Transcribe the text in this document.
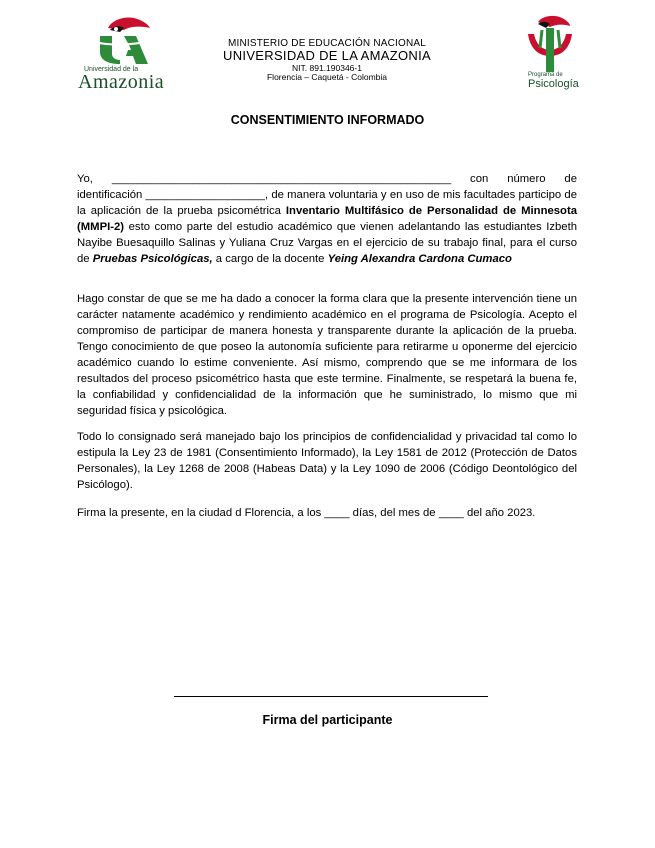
Universidad de la
Amazonia
MINISTERIO DE EDUCACIÓN NACIONAL
UNIVERSIDAD DE LA AMAZONIA
NIT. 891.190346-1
Florencia – Caquetá - Colombia	Programa de
Psicología
CONSENTIMIENTO INFORMADO

Yo, ______________________________________________________ con número de identificación ___________________, de manera voluntaria y en uso de mis facultades participo de la aplicación de la prueba psicométrica Inventario Multifásico de Personalidad de Minnesota (MMPI-2) esto como parte del estudio académico que vienen adelantando las estudiantes Izbeth Nayibe Buesaquillo Salinas y Yuliana Cruz Vargas en el ejercicio de su trabajo final, para el curso de Pruebas Psicológicas, a cargo de la docente Yeing Alexandra Cardona Cumaco

Hago constar de que se me ha dado a conocer la forma clara que la presente intervención tiene un carácter natamente académico y rendimiento académico en el programa de Psicología. Acepto el compromiso de participar de manera honesta y transparente durante la aplicación de la prueba. Tengo conocimiento de que poseo la autonomía suficiente para retirarme u oponerme del ejercicio académico cuando lo estime conveniente. Así mismo, comprendo que se me informara de los resultados del proceso psicométrico hasta que este termine. Finalmente, se respetará la buena fe, la confiabilidad y confidencialidad de la información que he suministrado, lo mismo que mi seguridad física y psicológica.

Todo lo consignado será manejado bajo los principios de confidencialidad y privacidad tal como lo estipula la Ley 23 de 1981 (Consentimiento Informado), la Ley 1581 de 2012 (Protección de Datos Personales), la Ley 1268 de 2008 (Habeas Data) y la Ley 1090 de 2006 (Código Deontológico del Psicólogo).

Firma la presente, en la ciudad d Florencia, a los ____ días, del mes de ____ del año 2023.

Firma del participante
